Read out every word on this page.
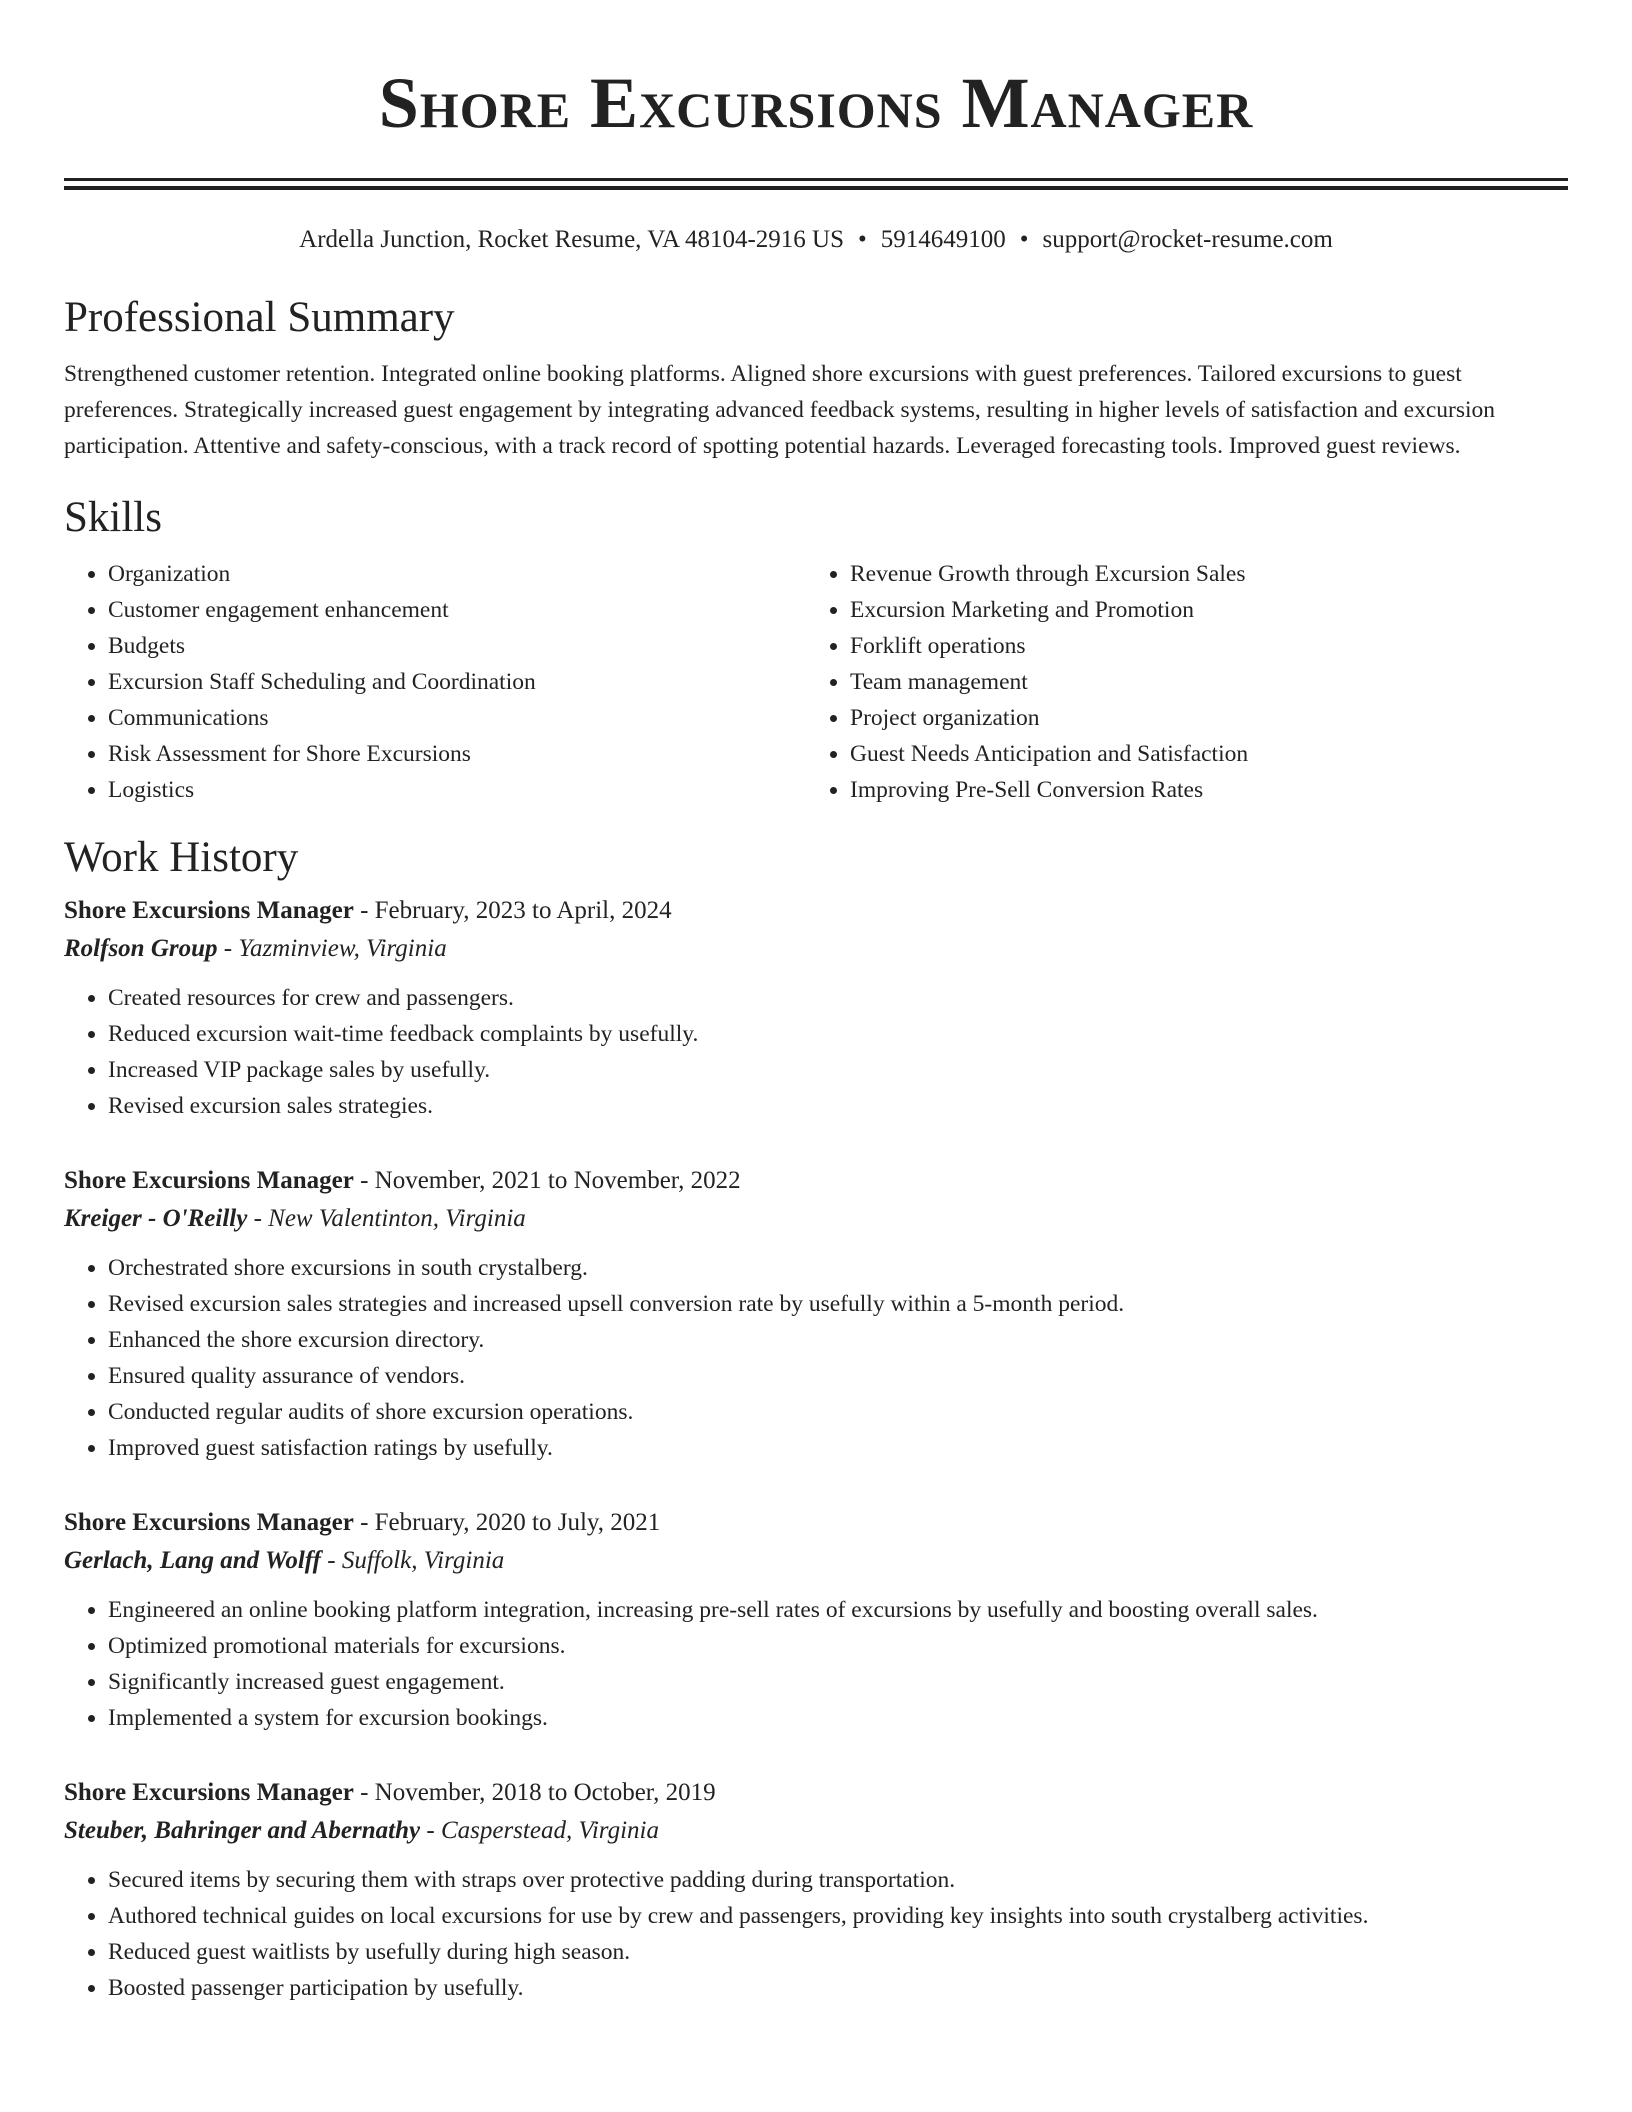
Shore Excursions Manager
Ardella Junction, Rocket Resume, VA 48104-2916 US • 5914649100 • support@rocket-resume.com
Professional Summary
Strengthened customer retention. Integrated online booking platforms. Aligned shore excursions with guest preferences. Tailored excursions to guest preferences. Strategically increased guest engagement by integrating advanced feedback systems, resulting in higher levels of satisfaction and excursion participation. Attentive and safety-conscious, with a track record of spotting potential hazards. Leveraged forecasting tools. Improved guest reviews.
Skills
• Organization
• Customer engagement enhancement
• Budgets
• Excursion Staff Scheduling and Coordination
• Communications
• Risk Assessment for Shore Excursions
• Logistics
• Revenue Growth through Excursion Sales
• Excursion Marketing and Promotion
• Forklift operations
• Team management
• Project organization
• Guest Needs Anticipation and Satisfaction
• Improving Pre-Sell Conversion Rates
Work History
Shore Excursions Manager - February, 2023 to April, 2024
Rolfson Group - Yazminview, Virginia
• Created resources for crew and passengers.
• Reduced excursion wait-time feedback complaints by usefully.
• Increased VIP package sales by usefully.
• Revised excursion sales strategies.
Shore Excursions Manager - November, 2021 to November, 2022
Kreiger - O'Reilly - New Valentinton, Virginia
• Orchestrated shore excursions in south crystalberg.
• Revised excursion sales strategies and increased upsell conversion rate by usefully within a 5-month period.
• Enhanced the shore excursion directory.
• Ensured quality assurance of vendors.
• Conducted regular audits of shore excursion operations.
• Improved guest satisfaction ratings by usefully.
Shore Excursions Manager - February, 2020 to July, 2021
Gerlach, Lang and Wolff - Suffolk, Virginia
• Engineered an online booking platform integration, increasing pre-sell rates of excursions by usefully and boosting overall sales.
• Optimized promotional materials for excursions.
• Significantly increased guest engagement.
• Implemented a system for excursion bookings.
Shore Excursions Manager - November, 2018 to October, 2019
Steuber, Bahringer and Abernathy - Casperstead, Virginia
• Secured items by securing them with straps over protective padding during transportation.
• Authored technical guides on local excursions for use by crew and passengers, providing key insights into south crystalberg activities.
• Reduced guest waitlists by usefully during high season.
• Boosted passenger participation by usefully.
